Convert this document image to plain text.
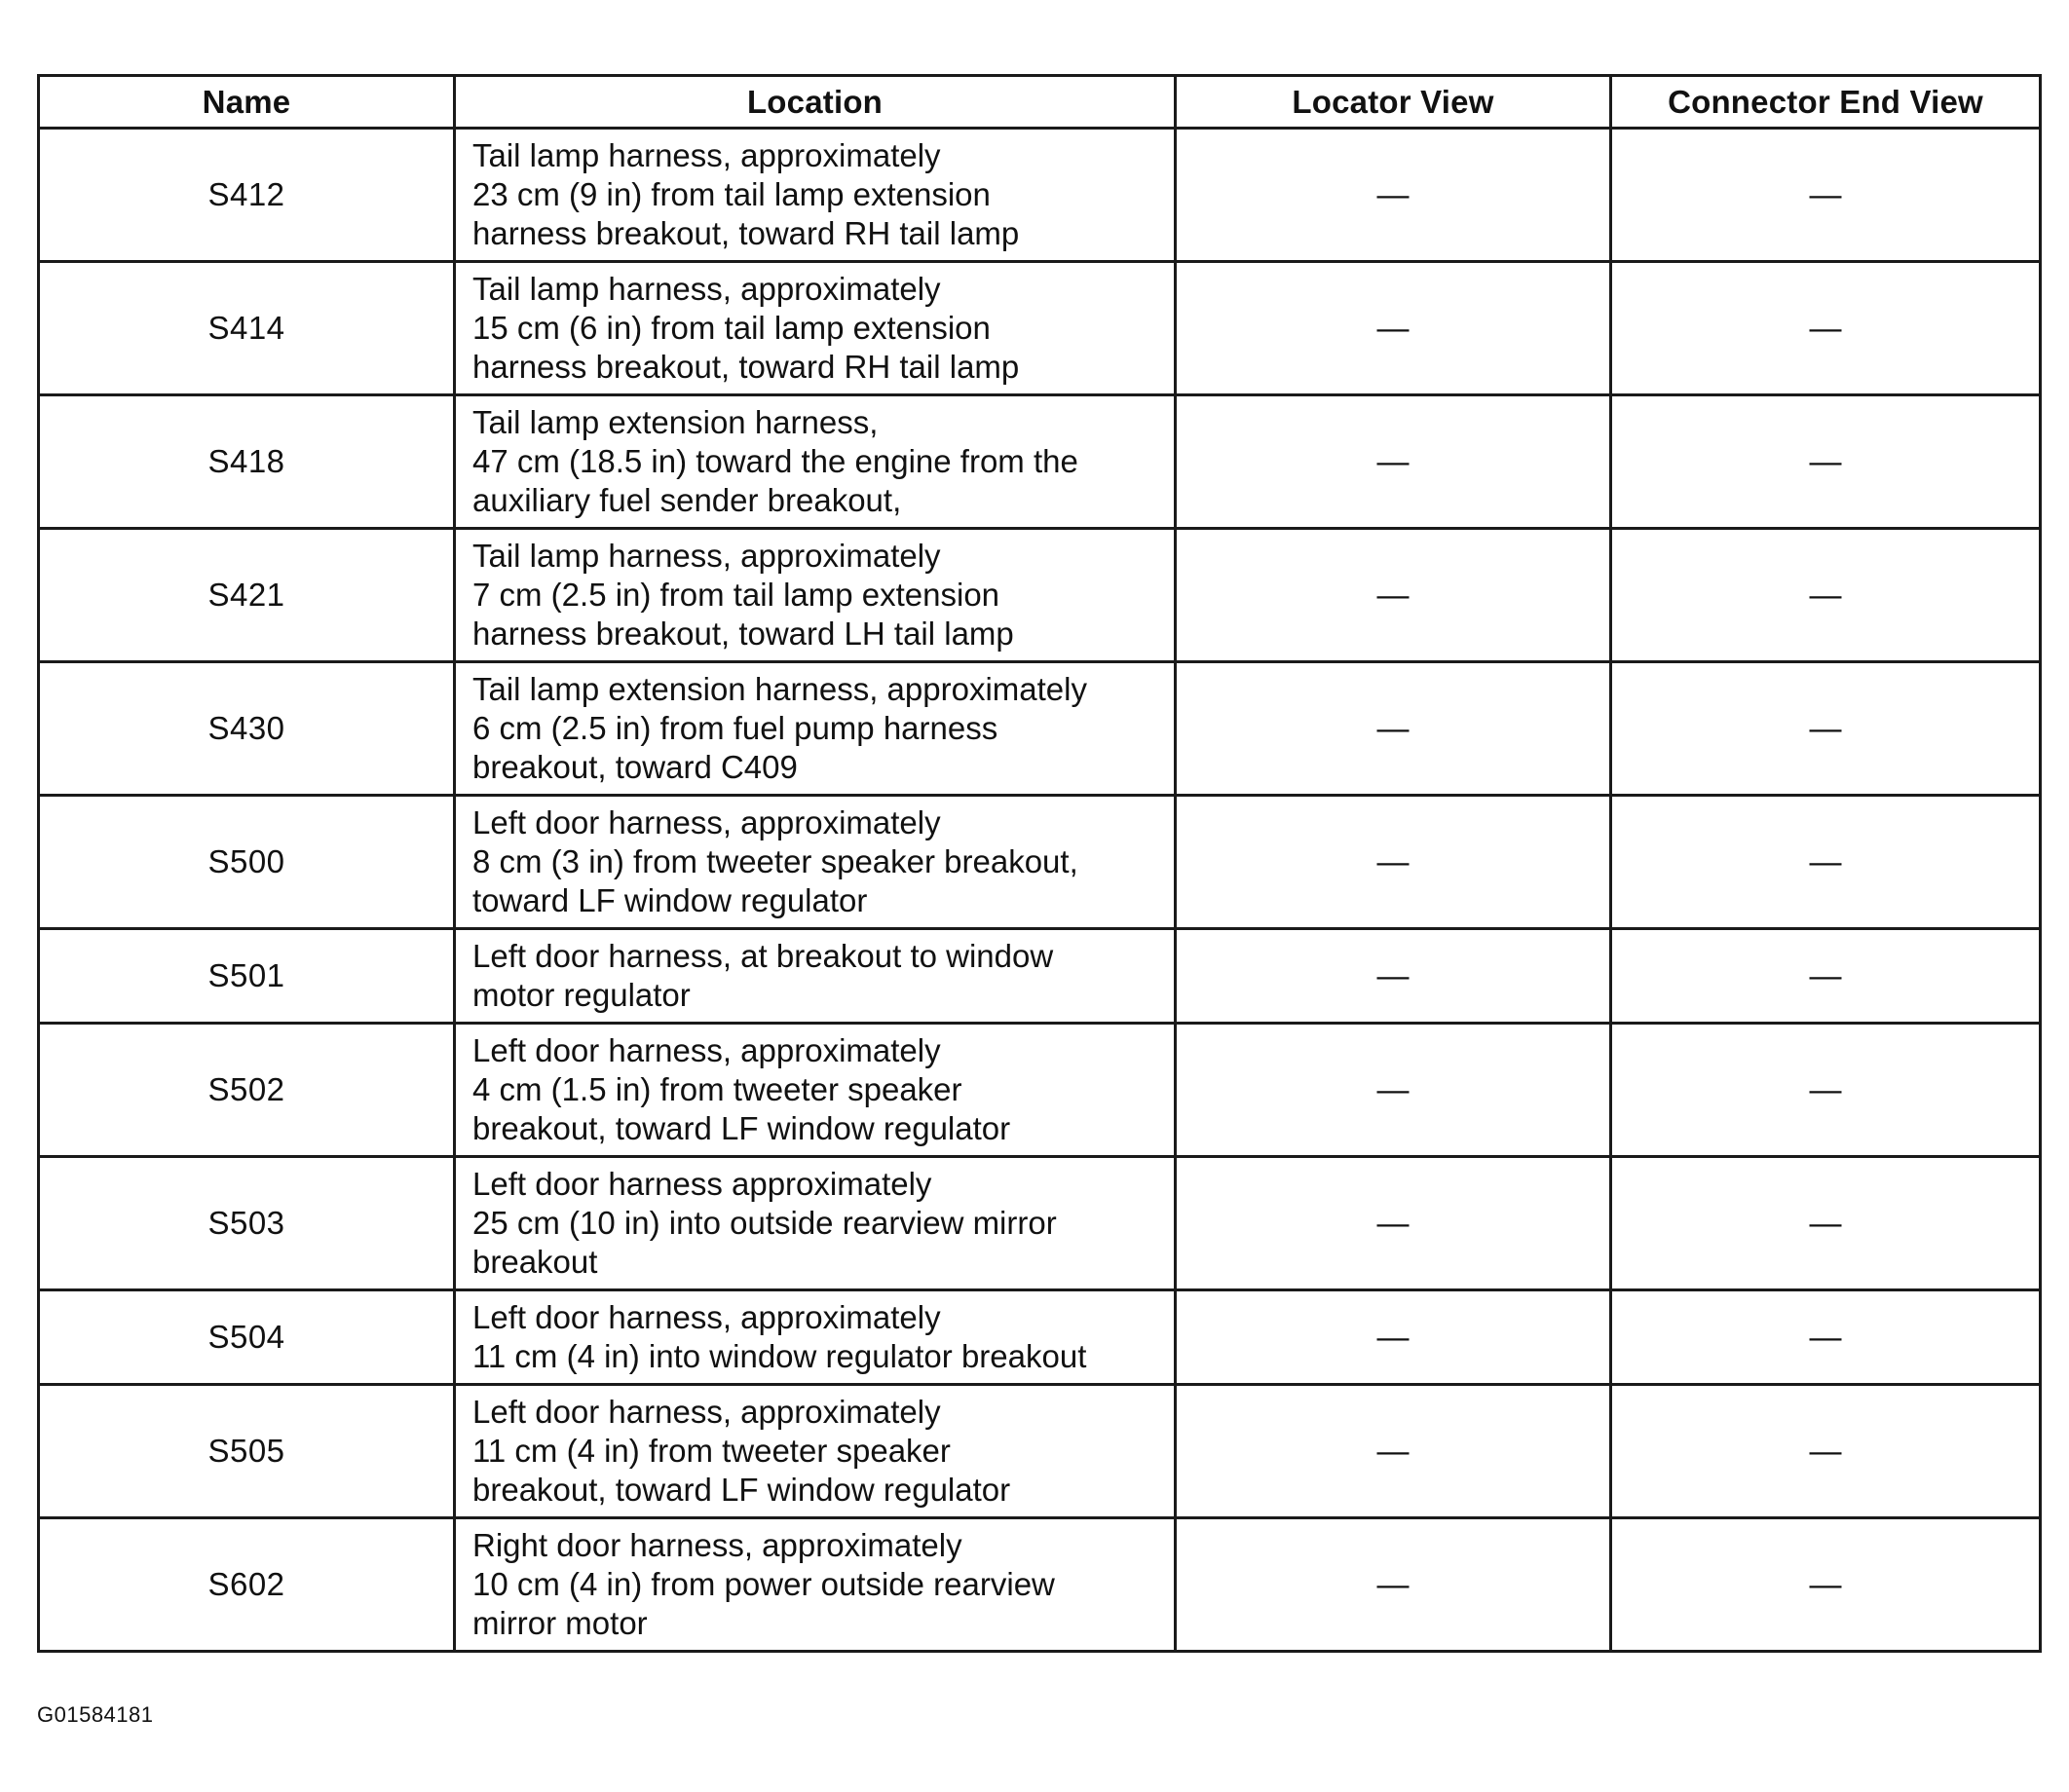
Name	Location	Locator View	Connector End View
S412	Tail lamp harness, approximately
23 cm (9 in) from tail lamp extension
harness breakout, toward RH tail lamp	—	—
S414	Tail lamp harness, approximately
15 cm (6 in) from tail lamp extension
harness breakout, toward RH tail lamp	—	—
S418	Tail lamp extension harness,
47 cm (18.5 in) toward the engine from the
auxiliary fuel sender breakout,	—	—
S421	Tail lamp harness, approximately
7 cm (2.5 in) from tail lamp extension
harness breakout, toward LH tail lamp	—	—
S430	Tail lamp extension harness, approximately
6 cm (2.5 in) from fuel pump harness
breakout, toward C409	—	—
S500	Left door harness, approximately
8 cm (3 in) from tweeter speaker breakout,
toward LF window regulator	—	—
S501	Left door harness, at breakout to window
motor regulator	—	—
S502	Left door harness, approximately
4 cm (1.5 in) from tweeter speaker
breakout, toward LF window regulator	—	—
S503	Left door harness approximately
25 cm (10 in) into outside rearview mirror
breakout	—	—
S504	Left door harness, approximately
11 cm (4 in) into window regulator breakout	—	—
S505	Left door harness, approximately
11 cm (4 in) from tweeter speaker
breakout, toward LF window regulator	—	—
S602	Right door harness, approximately
10 cm (4 in) from power outside rearview
mirror motor	—	—
G01584181
